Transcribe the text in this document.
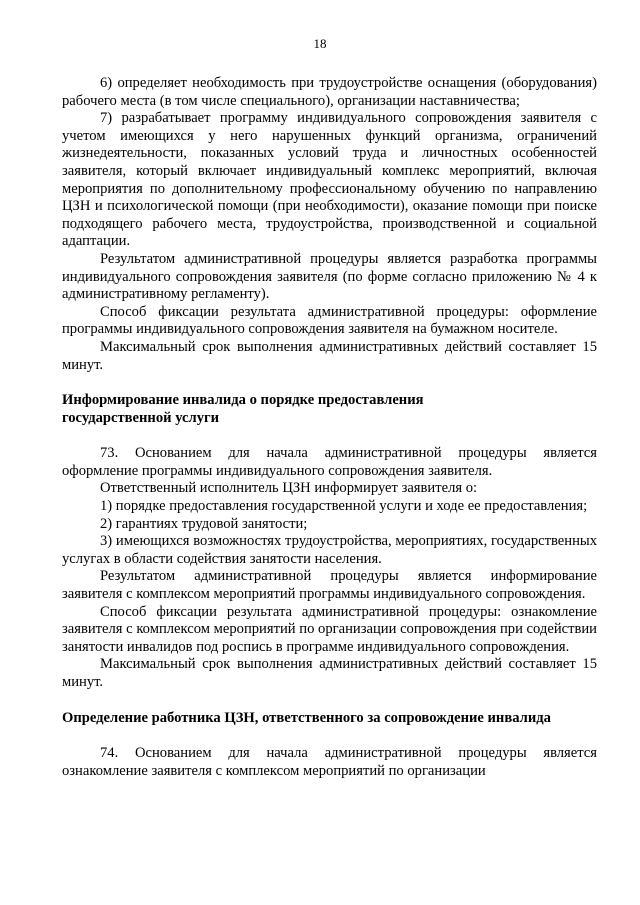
18

6) определяет необходимость при трудоустройстве оснащения (оборудования) рабочего места (в том числе специального), организации наставничества;

7) разрабатывает программу индивидуального сопровождения заявителя с учетом имеющихся у него нарушенных функций организма, ограничений жизнедеятельности, показанных условий труда и личностных особенностей заявителя, который включает индивидуальный комплекс мероприятий, включая мероприятия по дополнительному профессиональному обучению по направлению ЦЗН и психологической помощи (при необходимости), оказание помощи при поиске подходящего рабочего места, трудоустройства, производственной и социальной адаптации.

Результатом административной процедуры является разработка программы индивидуального сопровождения заявителя (по форме согласно приложению № 4 к административному регламенту).

Способ фиксации результата административной процедуры: оформление программы индивидуального сопровождения заявителя на бумажном носителе.

Максимальный срок выполнения административных действий составляет 15 минут.

Информирование инвалида о порядке предоставления
государственной услуги

73. Основанием для начала административной процедуры является оформление программы индивидуального сопровождения заявителя.

Ответственный исполнитель ЦЗН информирует заявителя о:

1) порядке предоставления государственной услуги и ходе ее предоставления;

2) гарантиях трудовой занятости;

3) имеющихся возможностях трудоустройства, мероприятиях, государственных услугах в области содействия занятости населения.

Результатом административной процедуры является информирование заявителя с комплексом мероприятий программы индивидуального сопровождения.

Способ фиксации результата административной процедуры: ознакомление заявителя с комплексом мероприятий по организации сопровождения при содействии занятости инвалидов под роспись в программе индивидуального сопровождения.

Максимальный срок выполнения административных действий составляет 15 минут.

Определение работника ЦЗН, ответственного за сопровождение инвалида

74. Основанием для начала административной процедуры является ознакомление заявителя с комплексом мероприятий по организации
